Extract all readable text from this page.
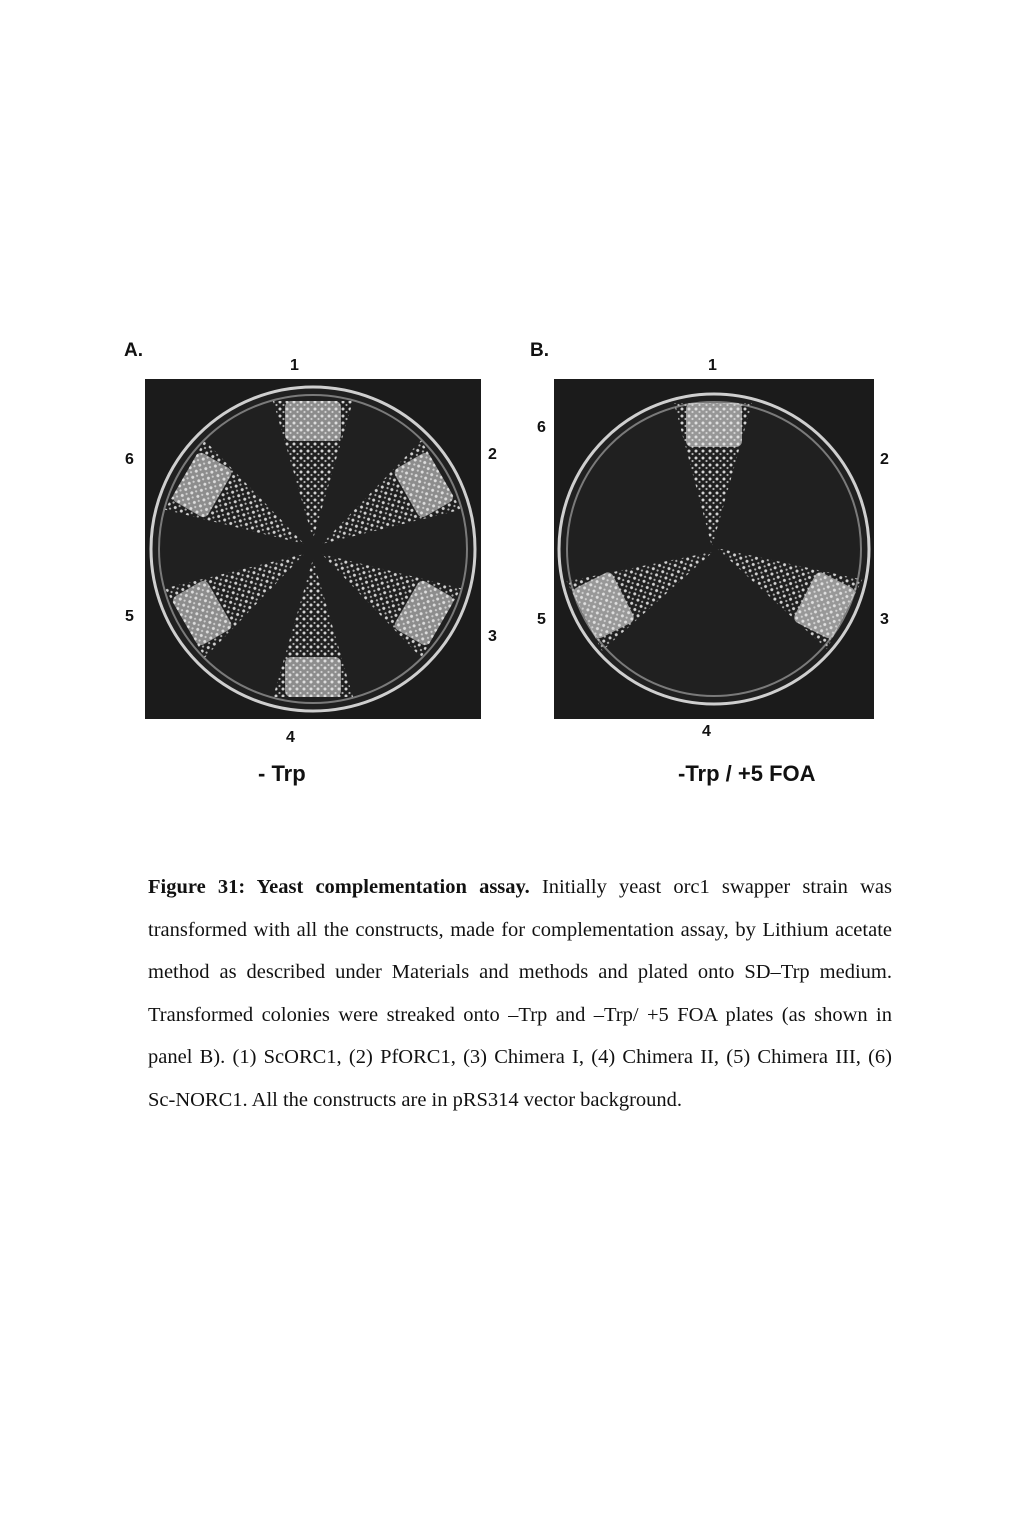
A.
1
2
3
4
5
6
- Trp
B.
1
2
3
4
5
6
-Trp / +5 FOA
Figure 31: Yeast complementation assay. Initially yeast orc1 swapper strain was transformed with all the constructs, made for complementation assay, by Lithium acetate method as described under Materials and methods and plated onto SD–Trp medium. Transformed colonies were streaked onto –Trp and –Trp/ +5 FOA plates (as shown in panel B). (1) ScORC1, (2) PfORC1, (3) Chimera I, (4) Chimera II, (5) Chimera III, (6) Sc-NORC1. All the constructs are in pRS314 vector background.
